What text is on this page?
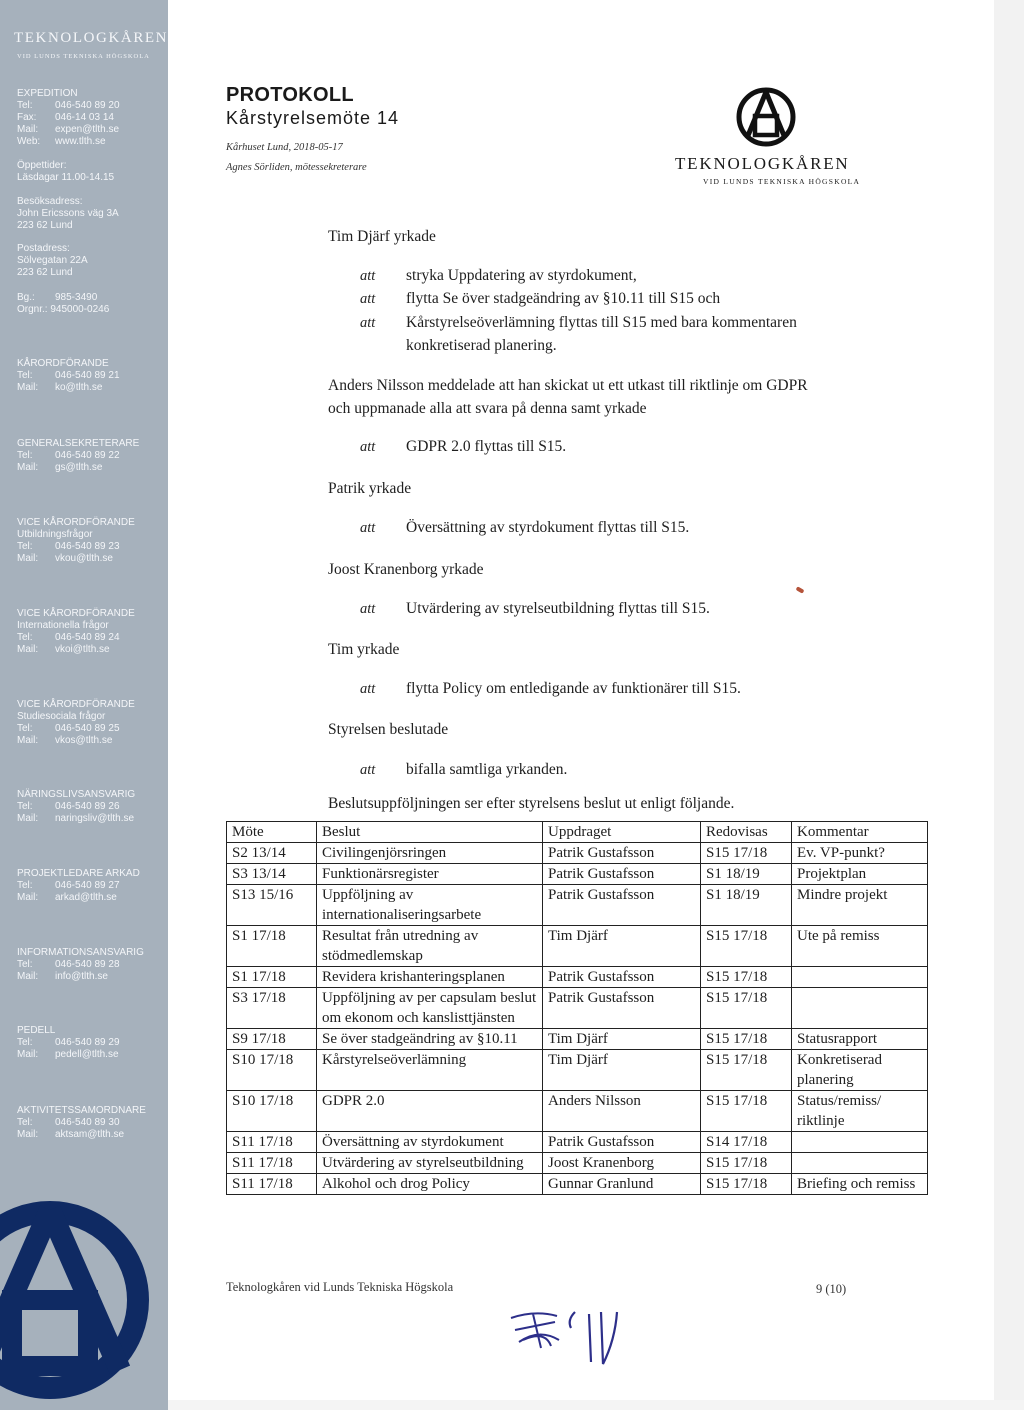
TEKNOLOGKÅREN
VID LUNDS TEKNISKA HÖGSKOLA
EXPEDITION
Tel: 046-540 89 20
Fax: 046-14 03 14
Mail: expen@tlth.se
Web: www.tlth.se
Öppettider:
Läsdagar 11.00-14.15
Besöksadress:
John Ericssons väg 3A
223 62 Lund
Postadress:
Sölvegatan 22A
223 62 Lund
Bg.: 985-3490
Orgnr.: 945000-0246
KÅRORDFÖRANDE
Tel: 046-540 89 21
Mail: ko@tlth.se
GENERALSEKRETERARE
Tel: 046-540 89 22
Mail: gs@tlth.se
VICE KÅRORDFÖRANDE
Utbildningsfrågor
Tel: 046-540 89 23
Mail: vkou@tlth.se
VICE KÅRORDFÖRANDE
Internationella frågor
Tel: 046-540 89 24
Mail: vkoi@tlth.se
VICE KÅRORDFÖRANDE
Studiesociala frågor
Tel: 046-540 89 25
Mail: vkos@tlth.se
NÄRINGSLIVSANSVARIG
Tel: 046-540 89 26
Mail: naringsliv@tlth.se
PROJEKTLEDARE ARKAD
Tel: 046-540 89 27
Mail: arkad@tlth.se
INFORMATIONSANSVARIG
Tel: 046-540 89 28
Mail: info@tlth.se
PEDELL
Tel: 046-540 89 29
Mail: pedell@tlth.se
AKTIVITETSSAMORDNARE
Tel: 046-540 89 30
Mail: aktsam@tlth.se
PROTOKOLL
Kårstyrelsemöte 14
Kårhuset Lund, 2018-05-17
Agnes Sörliden, mötessekreterare	TEKNOLOGKÅREN
VID LUNDS TEKNISKA HÖGSKOLA
Tim Djärf yrkade
att stryka Uppdatering av styrdokument,
att flytta Se över stadgeändring av §10.11 till S15 och
att Kårstyrelseöverlämning flyttas till S15 med bara kommentaren
konkretiserad planering.
Anders Nilsson meddelade att han skickat ut ett utkast till riktlinje om GDPR
och uppmanade alla att svara på denna samt yrkade
att GDPR 2.0 flyttas till S15.
Patrik yrkade
att Översättning av styrdokument flyttas till S15.
Joost Kranenborg yrkade
att Utvärdering av styrelseutbildning flyttas till S15.
Tim yrkade
att flytta Policy om entledigande av funktionärer till S15.
Styrelsen beslutade
att bifalla samtliga yrkanden.
Beslutsuppföljningen ser efter styrelsens beslut ut enligt följande.
Möte	Beslut	Uppdraget	Redovisas	Kommentar
S2 13/14	Civilingenjörsringen	Patrik Gustafsson	S15 17/18	Ev. VP-punkt?
S3 13/14	Funktionärsregister	Patrik Gustafsson	S1 18/19	Projektplan
S13 15/16	Uppföljning av internationaliseringsarbete	Patrik Gustafsson	S1 18/19	Mindre projekt
S1 17/18	Resultat från utredning av stödmedlemskap	Tim Djärf	S15 17/18	Ute på remiss
S1 17/18	Revidera krishanteringsplanen	Patrik Gustafsson	S15 17/18	
S3 17/18	Uppföljning av per capsulam beslut om ekonom och kanslisttjänsten	Patrik Gustafsson	S15 17/18	
S9 17/18	Se över stadgeändring av §10.11	Tim Djärf	S15 17/18	Statusrapport
S10 17/18	Kårstyrelseöverlämning	Tim Djärf	S15 17/18	Konkretiserad planering
S10 17/18	GDPR 2.0	Anders Nilsson	S15 17/18	Status/remiss/ riktlinje
S11 17/18	Översättning av styrdokument	Patrik Gustafsson	S14 17/18	
S11 17/18	Utvärdering av styrelseutbildning	Joost Kranenborg	S15 17/18	
S11 17/18	Alkohol och drog Policy	Gunnar Granlund	S15 17/18	Briefing och remiss
Teknologkåren vid Lunds Tekniska Högskola	9 (10)
